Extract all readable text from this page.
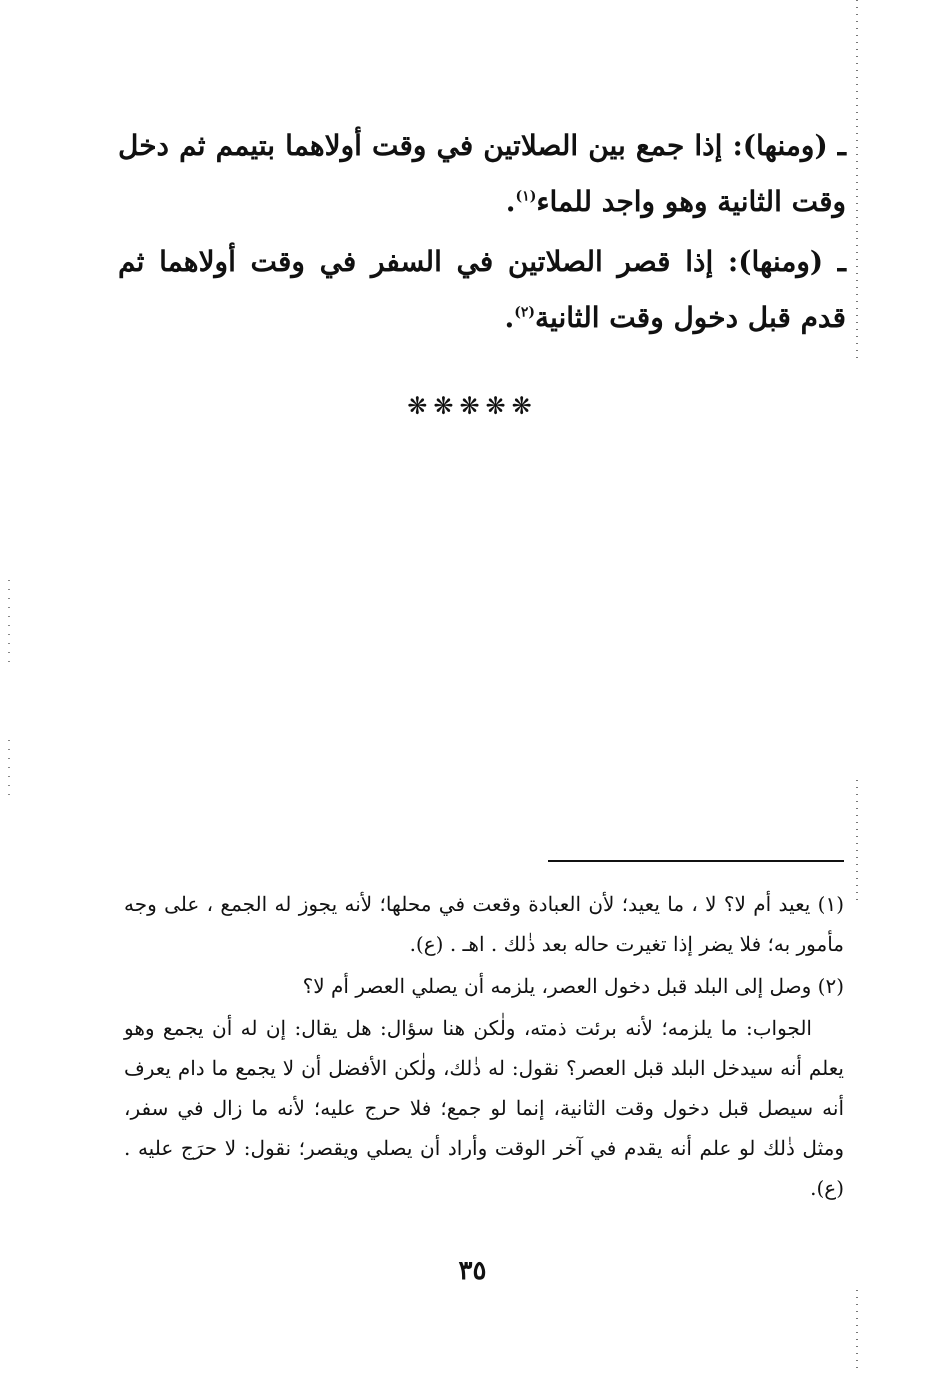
ـ (ومنها): إذا جمع بين الصلاتين في وقت أولاهما بتيمم ثم دخل وقت الثانية وهو واجد للماء$^{(١)}$.

ـ (ومنها): إذا قصر الصلاتين في السفر في وقت أولاهما ثم قدم قبل دخول وقت الثانية$^{(٢)}$.

❋❋❋❋❋

(١) يعيد أم لا؟ لا ، ما يعيد؛ لأن العبادة وقعت في محلها؛ لأنه يجوز له الجمع ، على وجه مأمور به؛ فلا يضر إذا تغيرت حاله بعد ذٰلك . اهـ . (ع).

(٢) وصل إلى البلد قبل دخول العصر، يلزمه أن يصلي العصر أم لا؟

الجواب: ما يلزمه؛ لأنه برئت ذمته، ولٰكن هنا سؤال: هل يقال: إن له أن يجمع وهو يعلم أنه سيدخل البلد قبل العصر؟ نقول: له ذٰلك، ولٰكن الأفضل أن لا يجمع ما دام يعرف أنه سيصل قبل دخول وقت الثانية، إنما لو جمع؛ فلا حرج عليه؛ لأنه ما زال في سفر، ومثل ذٰلك لو علم أنه يقدم في آخر الوقت وأراد أن يصلي ويقصر؛ نقول: لا حرَج عليه . (ع).

٣٥
